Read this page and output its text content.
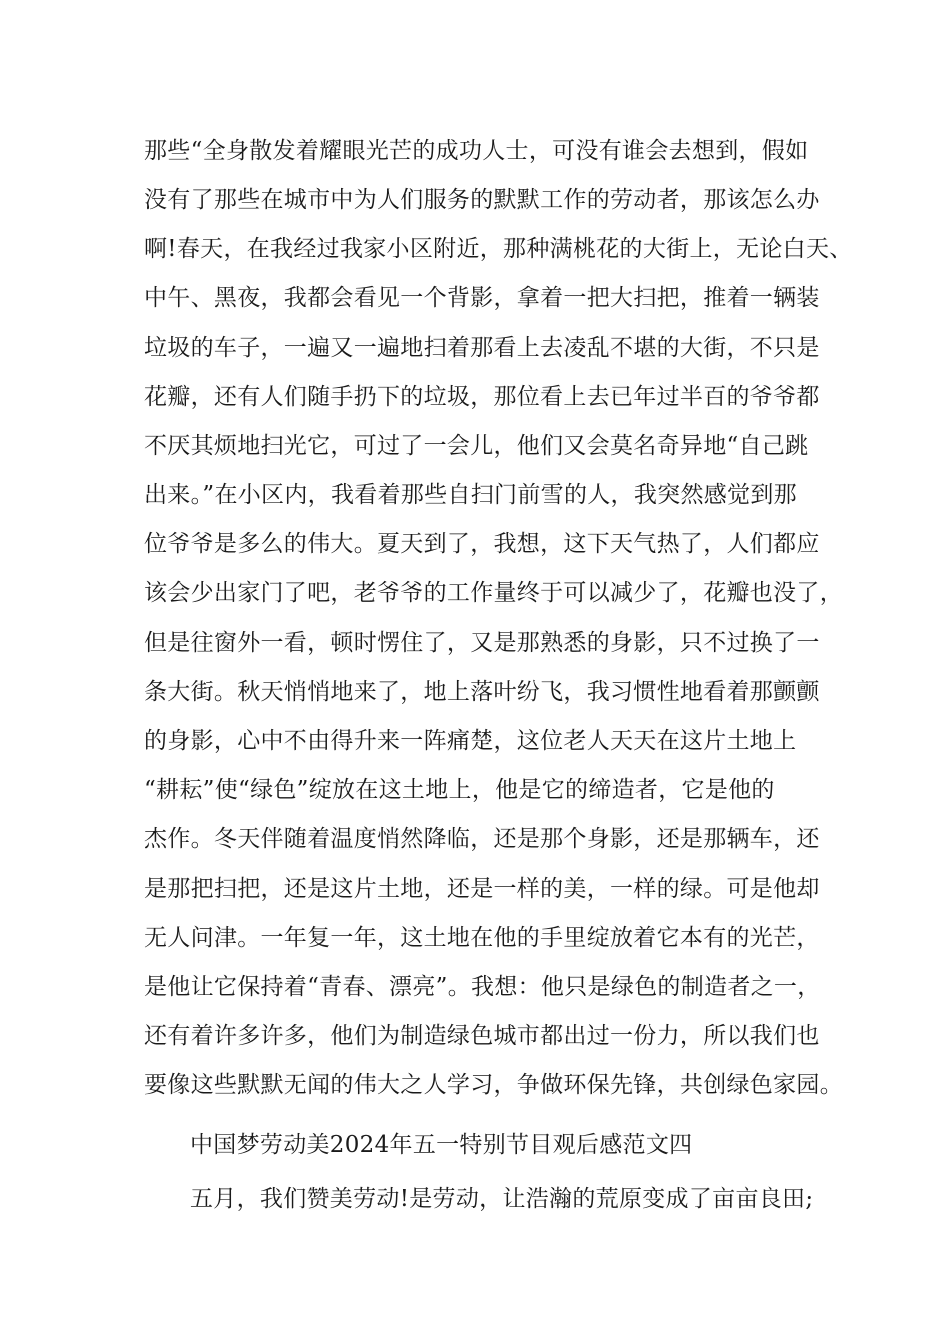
那些“全身散发着耀眼光芒的成功人士，可没有谁会去想到，假如
没有了那些在城市中为人们服务的默默工作的劳动者，那该怎么办
啊!春天，在我经过我家小区附近，那种满桃花的大街上，无论白天、
中午、黑夜，我都会看见一个背影，拿着一把大扫把，推着一辆装
垃圾的车子，一遍又一遍地扫着那看上去凌乱不堪的大街，不只是
花瓣，还有人们随手扔下的垃圾，那位看上去已年过半百的爷爷都
不厌其烦地扫光它，可过了一会儿，他们又会莫名奇异地“自己跳
出来。”在小区内，我看着那些自扫门前雪的人，我突然感觉到那
位爷爷是多么的伟大。夏天到了，我想，这下天气热了，人们都应
该会少出家门了吧，老爷爷的工作量终于可以减少了，花瓣也没了，
但是往窗外一看，顿时愣住了，又是那熟悉的身影，只不过换了一
条大街。秋天悄悄地来了，地上落叶纷飞，我习惯性地看着那颤颤
的身影，心中不由得升来一阵痛楚，这位老人天天在这片土地上
“耕耘”使“绿色”绽放在这土地上，他是它的缔造者，它是他的
杰作。冬天伴随着温度悄然降临，还是那个身影，还是那辆车，还
是那把扫把，还是这片土地，还是一样的美，一样的绿。可是他却
无人问津。一年复一年，这土地在他的手里绽放着它本有的光芒，
是他让它保持着“青春、漂亮”。我想：他只是绿色的制造者之一，
还有着许多许多，他们为制造绿色城市都出过一份力，所以我们也
要像这些默默无闻的伟大之人学习，争做环保先锋，共创绿色家园。
中国梦劳动美2024年五一特别节目观后感范文四
五月，我们赞美劳动!是劳动，让浩瀚的荒原变成了亩亩良田;
